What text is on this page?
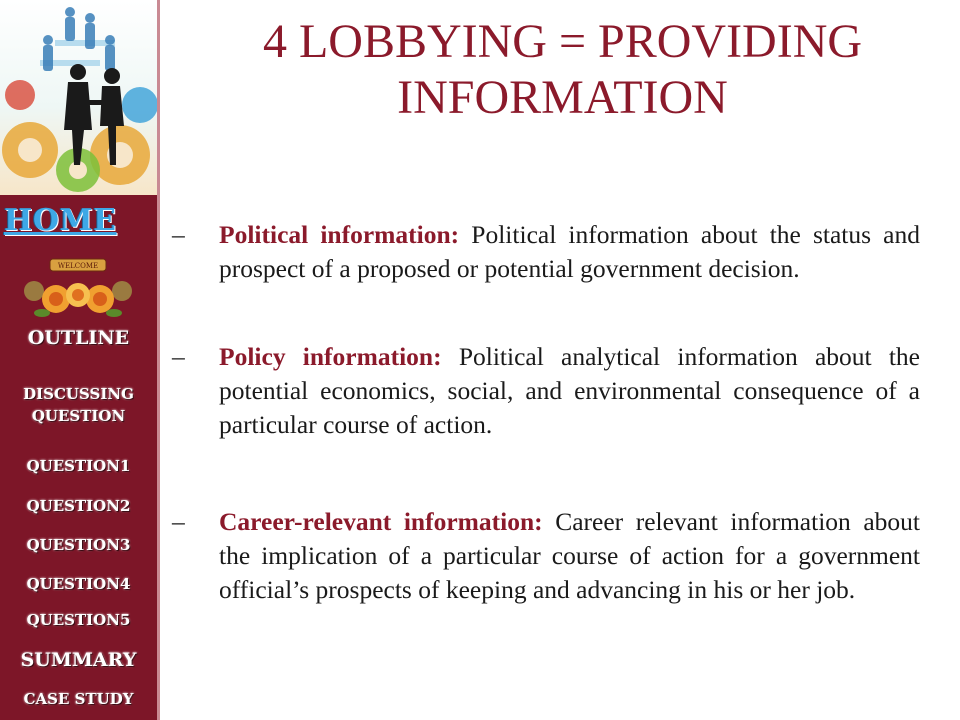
HOME
WELCOME
OUTLINE
DISCUSSING
QUESTION
QUESTION1
QUESTION2
QUESTION3
QUESTION4
QUESTION5
SUMMARY
CASE STUDY
4 LOBBYING = PROVIDING
INFORMATION
–	Political information: Political information about the status and prospect of a proposed or potential government decision.
–	Policy information: Political analytical information about the potential economics, social, and environmental consequence of a particular course of action.
–	Career-relevant information: Career relevant information about the implication of a particular course of action for a government official’s prospects of keeping and advancing in his or her job.
